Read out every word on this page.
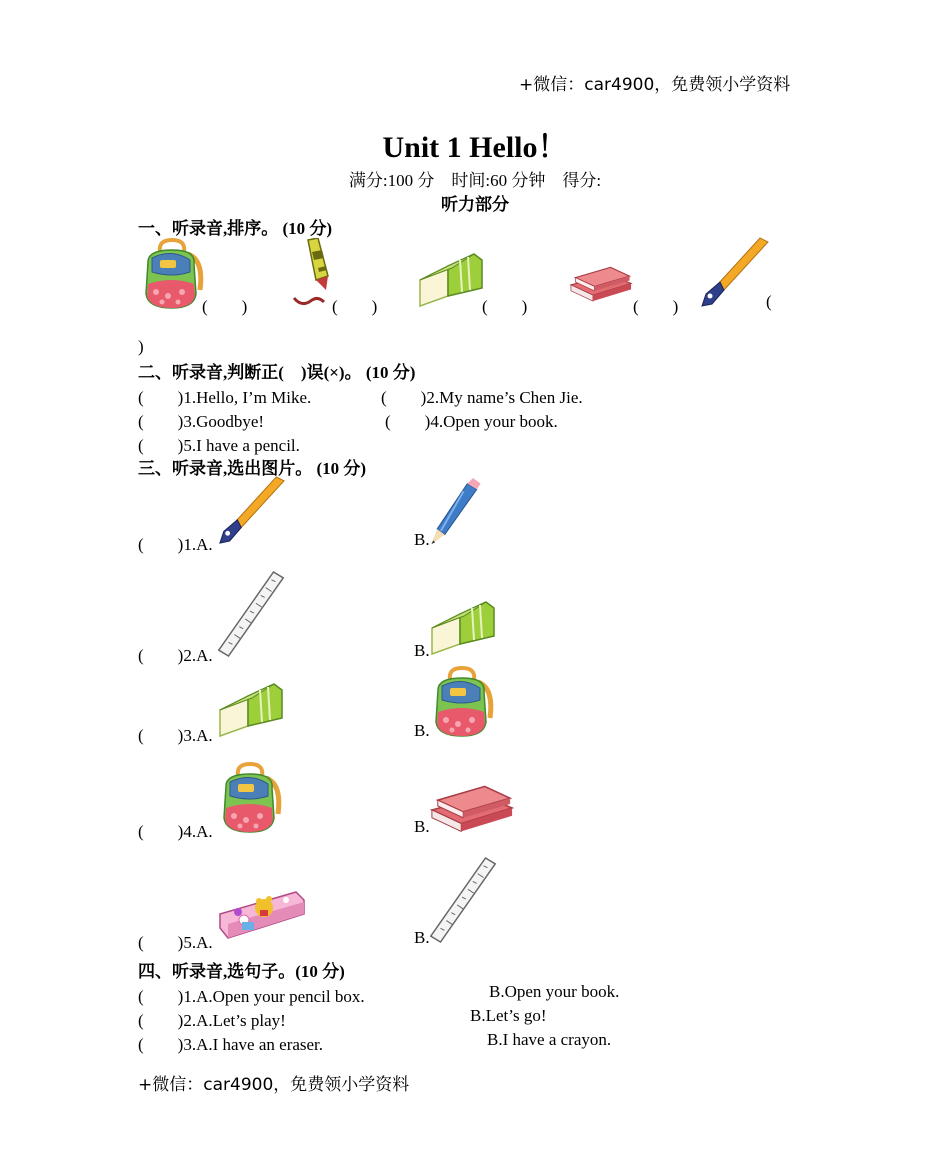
+微信：car4900，免费领小学资料
Unit 1 Hello！
满分:100 分　时间:60 分钟　得分:
听力部分
一、听录音,排序。 (10 分)
(　　)	(　　)	(　　)	(　　)	(
)
二、听录音,判断正(　)误(×)。 (10 分)
(　　)1.Hello, I’m Mike.	(　　)2.My name’s Chen Jie.
(　　)3.Goodbye!	(　　)4.Open your book.
(　　)5.I have a pencil.
三、听录音,选出图片。 (10 分)
(　　)1.A.	B.
(　　)2.A.	B.
(　　)3.A.	B.
(　　)4.A.	B.
(　　)5.A.	B.
四、听录音,选句子。(10 分)
(　　)1.A.Open your pencil box.	B.Open your book.
(　　)2.A.Let’s play!	B.Let’s go!
(　　)3.A.I have an eraser.	B.I have a crayon.
+微信：car4900，免费领小学资料
